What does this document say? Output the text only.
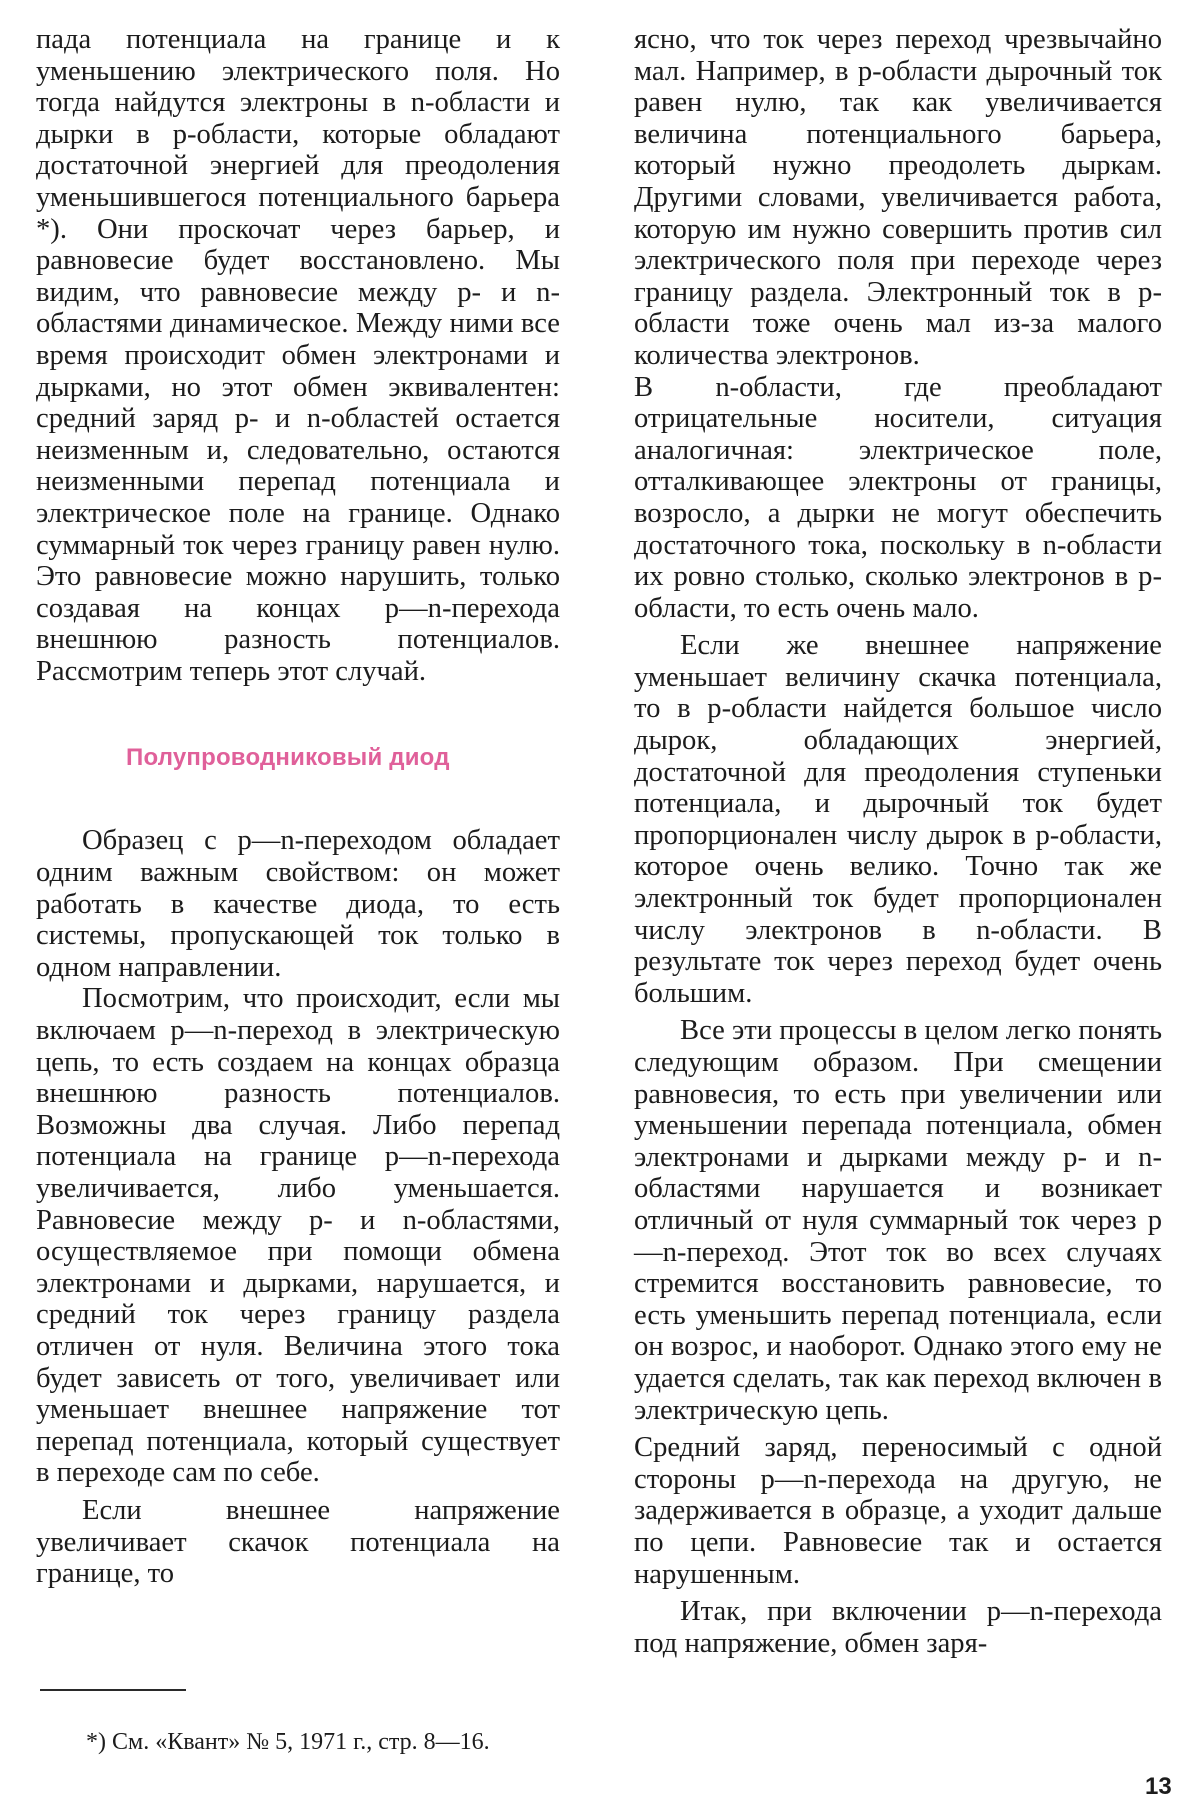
пада потенциала на границе и к уменьшению электрического поля. Но тогда найдутся электроны в n-области и дырки в p-области, которые обладают достаточной энергией для преодоления уменьшившегося потенциального барьера *). Они проскочат через барьер, и равновесие будет восстановлено. Мы видим, что равновесие между p- и n-областями динамическое. Между ними все время происходит обмен электронами и дырками, но этот обмен эквивалентен: средний заряд p- и n-областей остается неизменным и, следовательно, остаются неизменными перепад потенциала и электрическое поле на границе. Однако суммарный ток через границу равен нулю. Это равновесие можно нарушить, только создавая на концах p—n-перехода внешнюю разность потенциалов. Рассмотрим теперь этот случай.

Полупроводниковый диод

Образец с p—n-переходом обладает одним важным свойством: он может работать в качестве диода, то есть системы, пропускающей ток только в одном направлении.

Посмотрим, что происходит, если мы включаем p—n-переход в электрическую цепь, то есть создаем на концах образца внешнюю разность потенциалов. Возможны два случая. Либо перепад потенциала на границе p—n-перехода увеличивается, либо уменьшается. Равновесие между p- и n-областями, осуществляемое при помощи обмена электронами и дырками, нарушается, и средний ток через границу раздела отличен от нуля. Величина этого тока будет зависеть от того, увеличивает или уменьшает внешнее напряжение тот перепад потенциала, который существует в переходе сам по себе.

Если внешнее напряжение увеличивает скачок потенциала на границе, то

ясно, что ток через переход чрезвычайно мал. Например, в p-области дырочный ток равен нулю, так как увеличивается величина потенциального барьера, который нужно преодолеть дыркам. Другими словами, увеличивается работа, которую им нужно совершить против сил электрического поля при переходе через границу раздела. Электронный ток в p-области тоже очень мал из-за малого количества электронов.

В n-области, где преобладают отрицательные носители, ситуация аналогичная: электрическое поле, отталкивающее электроны от границы, возросло, а дырки не могут обеспечить достаточного тока, поскольку в n-области их ровно столько, сколько электронов в p-области, то есть очень мало.

Если же внешнее напряжение уменьшает величину скачка потенциала, то в p-области найдется большое число дырок, обладающих энергией, достаточной для преодоления ступеньки потенциала, и дырочный ток будет пропорционален числу дырок в p-области, которое очень велико. Точно так же электронный ток будет пропорционален числу электронов в n-области. В результате ток через переход будет очень большим.

Все эти процессы в целом легко понять следующим образом. При смещении равновесия, то есть при увеличении или уменьшении перепада потенциала, обмен электронами и дырками между p- и n-областями нарушается и возникает отличный от нуля суммарный ток через p—n-переход. Этот ток во всех случаях стремится восстановить равновесие, то есть уменьшить перепад потенциала, если он возрос, и наоборот. Однако этого ему не удается сделать, так как переход включен в электрическую цепь.

Средний заряд, переносимый с одной стороны p—n-перехода на другую, не задерживается в образце, а уходит дальше по цепи. Равновесие так и остается нарушенным.

Итак, при включении p—n-перехода под напряжение, обмен заря-

*) См. «Квант» № 5, 1971 г., стр. 8—16.
13
